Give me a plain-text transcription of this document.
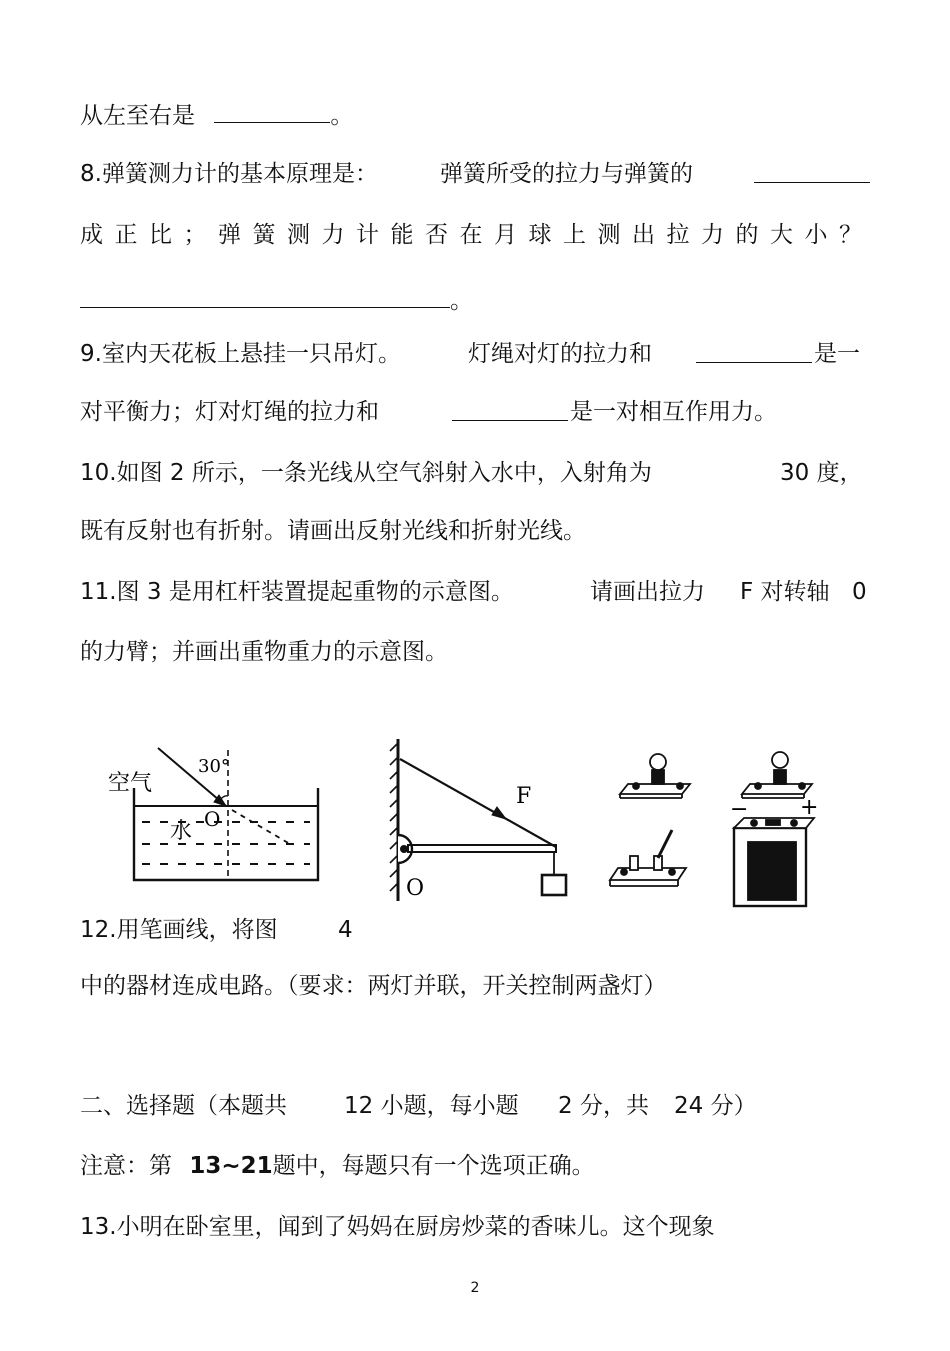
从左至右是	。
8.弹簧测力计的基本原理是：	弹簧所受的拉力与弹簧的
成 正 比 ； 弹 簧 测 力 计 能 否 在 月 球 上 测 出 拉 力 的 大 小 ？
。
9.室内天花板上悬挂一只吊灯。	灯绳对灯的拉力和	是一
对平衡力；灯对灯绳的拉力和	是一对相互作用力。
10.如图 2 所示，一条光线从空气斜射入水中，入射角为	30 度，
既有反射也有折射。请画出反射光线和折射光线。
11.图 3 是用杠杆装置提起重物的示意图。	请画出拉力 F 对转轴 0
的力臂；并画出重物重力的示意图。
空气
30°
水 O
F
O
− +
12.用笔画线，将图	4
中的器材连成电路。（要求：两灯并联，开关控制两盏灯）
二、选择题（本题共 12 小题，每小题 2 分，共 24 分）
注意：第 13~21题中，每题只有一个选项正确。
13.小明在卧室里，闻到了妈妈在厨房炒菜的香味儿。这个现象
2
